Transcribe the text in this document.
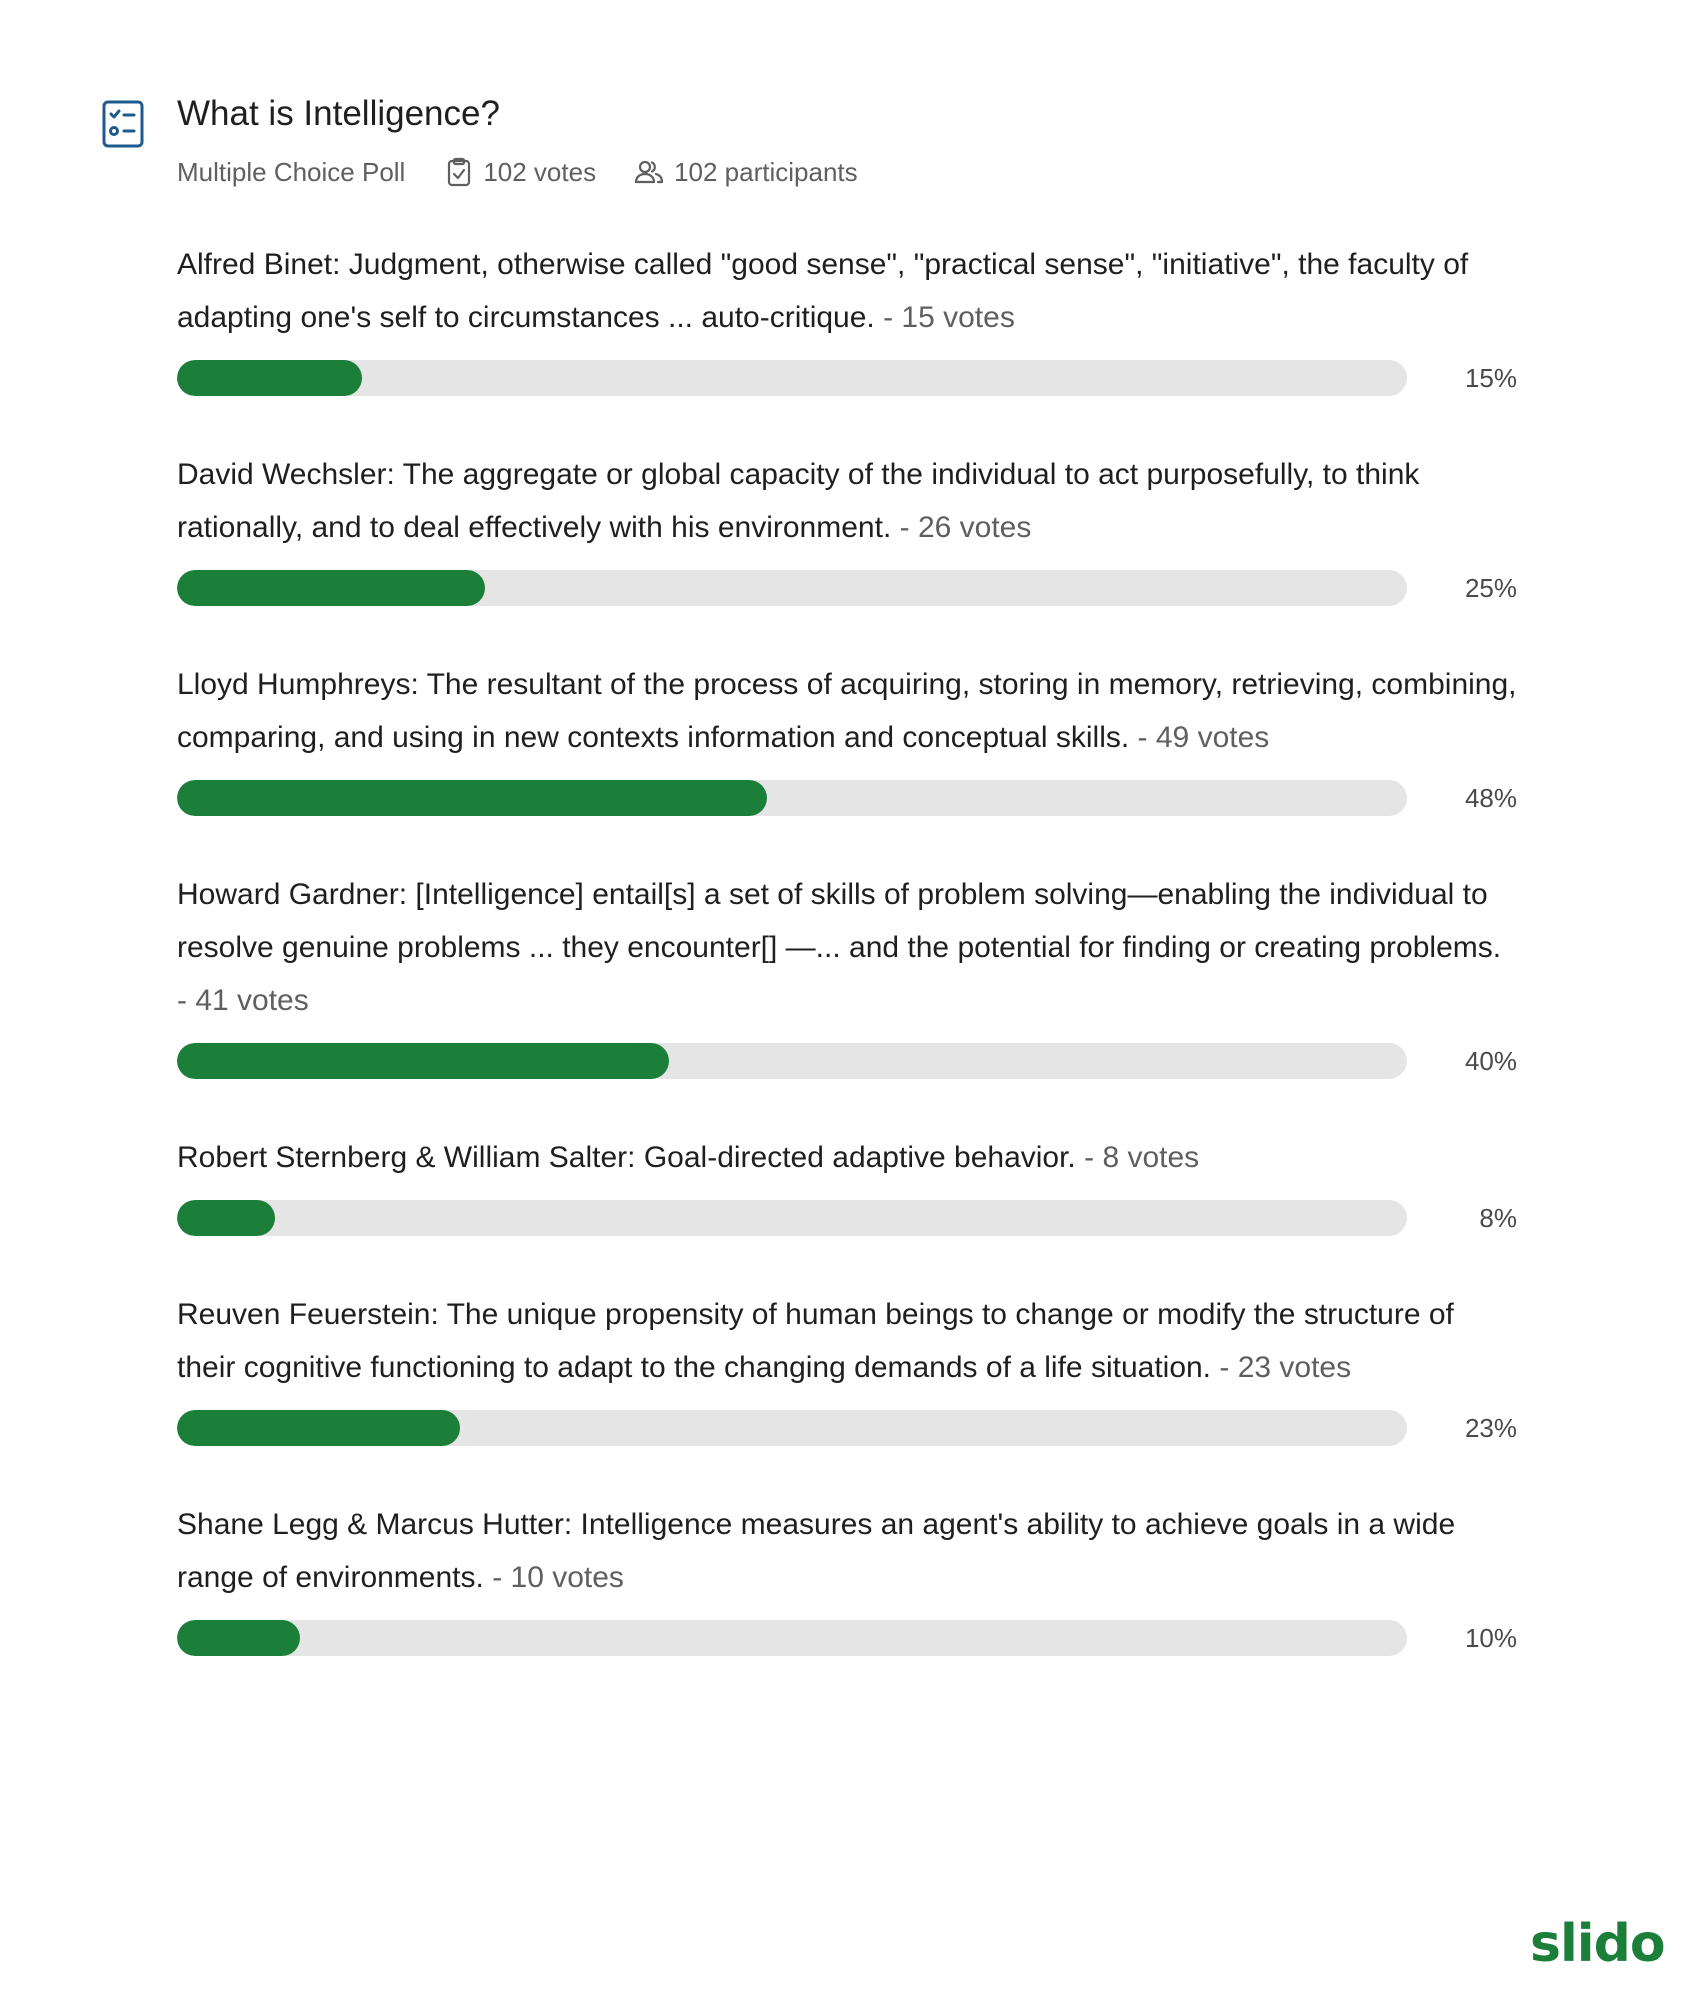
What is Intelligence?
Multiple Choice Poll	102 votes	102 participants

Alfred Binet: Judgment, otherwise called "good sense", "practical sense", "initiative", the faculty of adapting one's self to circumstances ... auto-critique. - 15 votes

15%

David Wechsler: The aggregate or global capacity of the individual to act purposefully, to think rationally, and to deal effectively with his environment. - 26 votes

25%

Lloyd Humphreys: The resultant of the process of acquiring, storing in memory, retrieving, combining, comparing, and using in new contexts information and conceptual skills. - 49 votes

48%

Howard Gardner: [Intelligence] entail[s] a set of skills of problem solving—enabling the individual to resolve genuine problems ... they encounter[] —... and the potential for finding or creating problems. - 41 votes

40%

Robert Sternberg & William Salter: Goal-directed adaptive behavior. - 8 votes

8%

Reuven Feuerstein: The unique propensity of human beings to change or modify the structure of their cognitive functioning to adapt to the changing demands of a life situation. - 23 votes

23%

Shane Legg & Marcus Hutter: Intelligence measures an agent's ability to achieve goals in a wide range of environments. - 10 votes

10%
slido
